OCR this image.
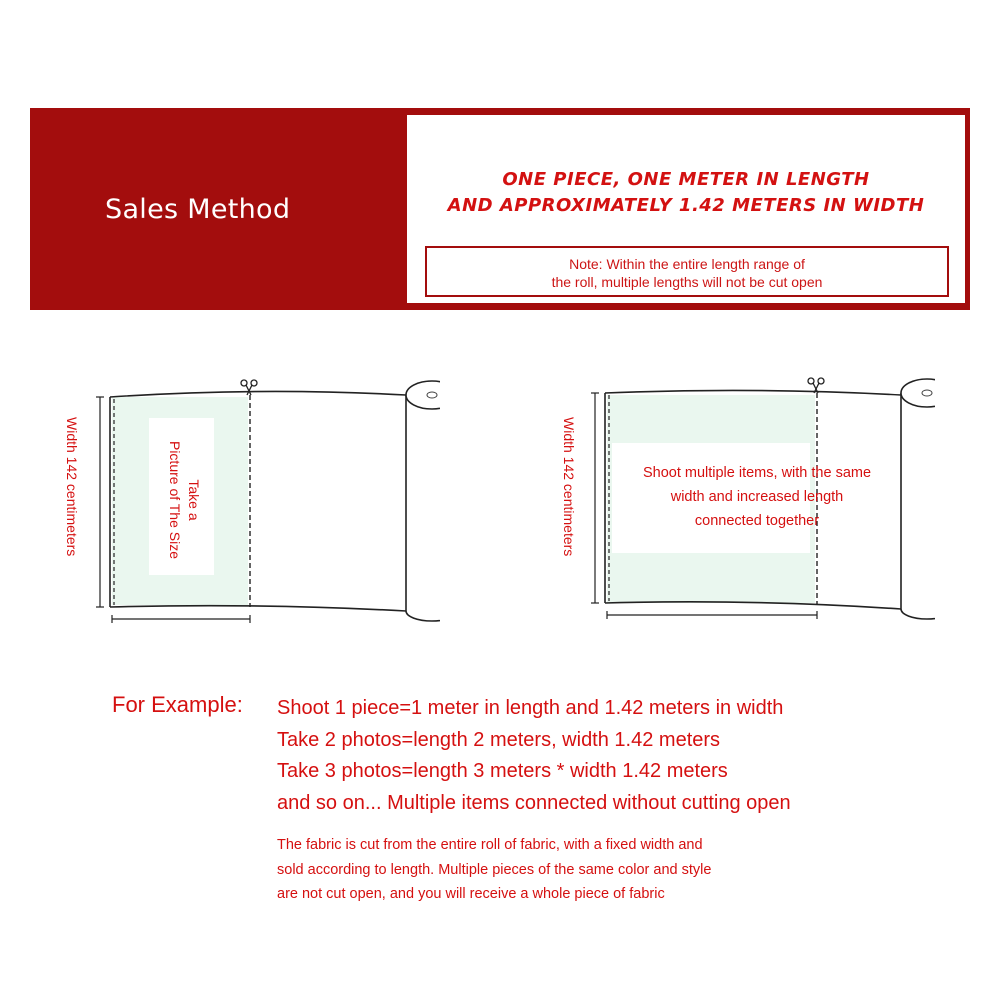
Sales Method
ONE PIECE, ONE METER IN LENGTH
AND APPROXIMATELY 1.42 METERS IN WIDTH
Note: Within the entire length range of
the roll, multiple lengths will not be cut open
Width 142 centimeters	Take a
Picture of The Size	Width 142 centimeters	Shoot multiple items, with the same
width and increased length
connected together
For Example: Shoot 1 piece=1 meter in length and 1.42 meters in width
Take 2 photos=length 2 meters, width 1.42 meters
Take 3 photos=length 3 meters * width 1.42 meters
and so on... Multiple items connected without cutting open
The fabric is cut from the entire roll of fabric, with a fixed width and
sold according to length. Multiple pieces of the same color and style
are not cut open, and you will receive a whole piece of fabric
